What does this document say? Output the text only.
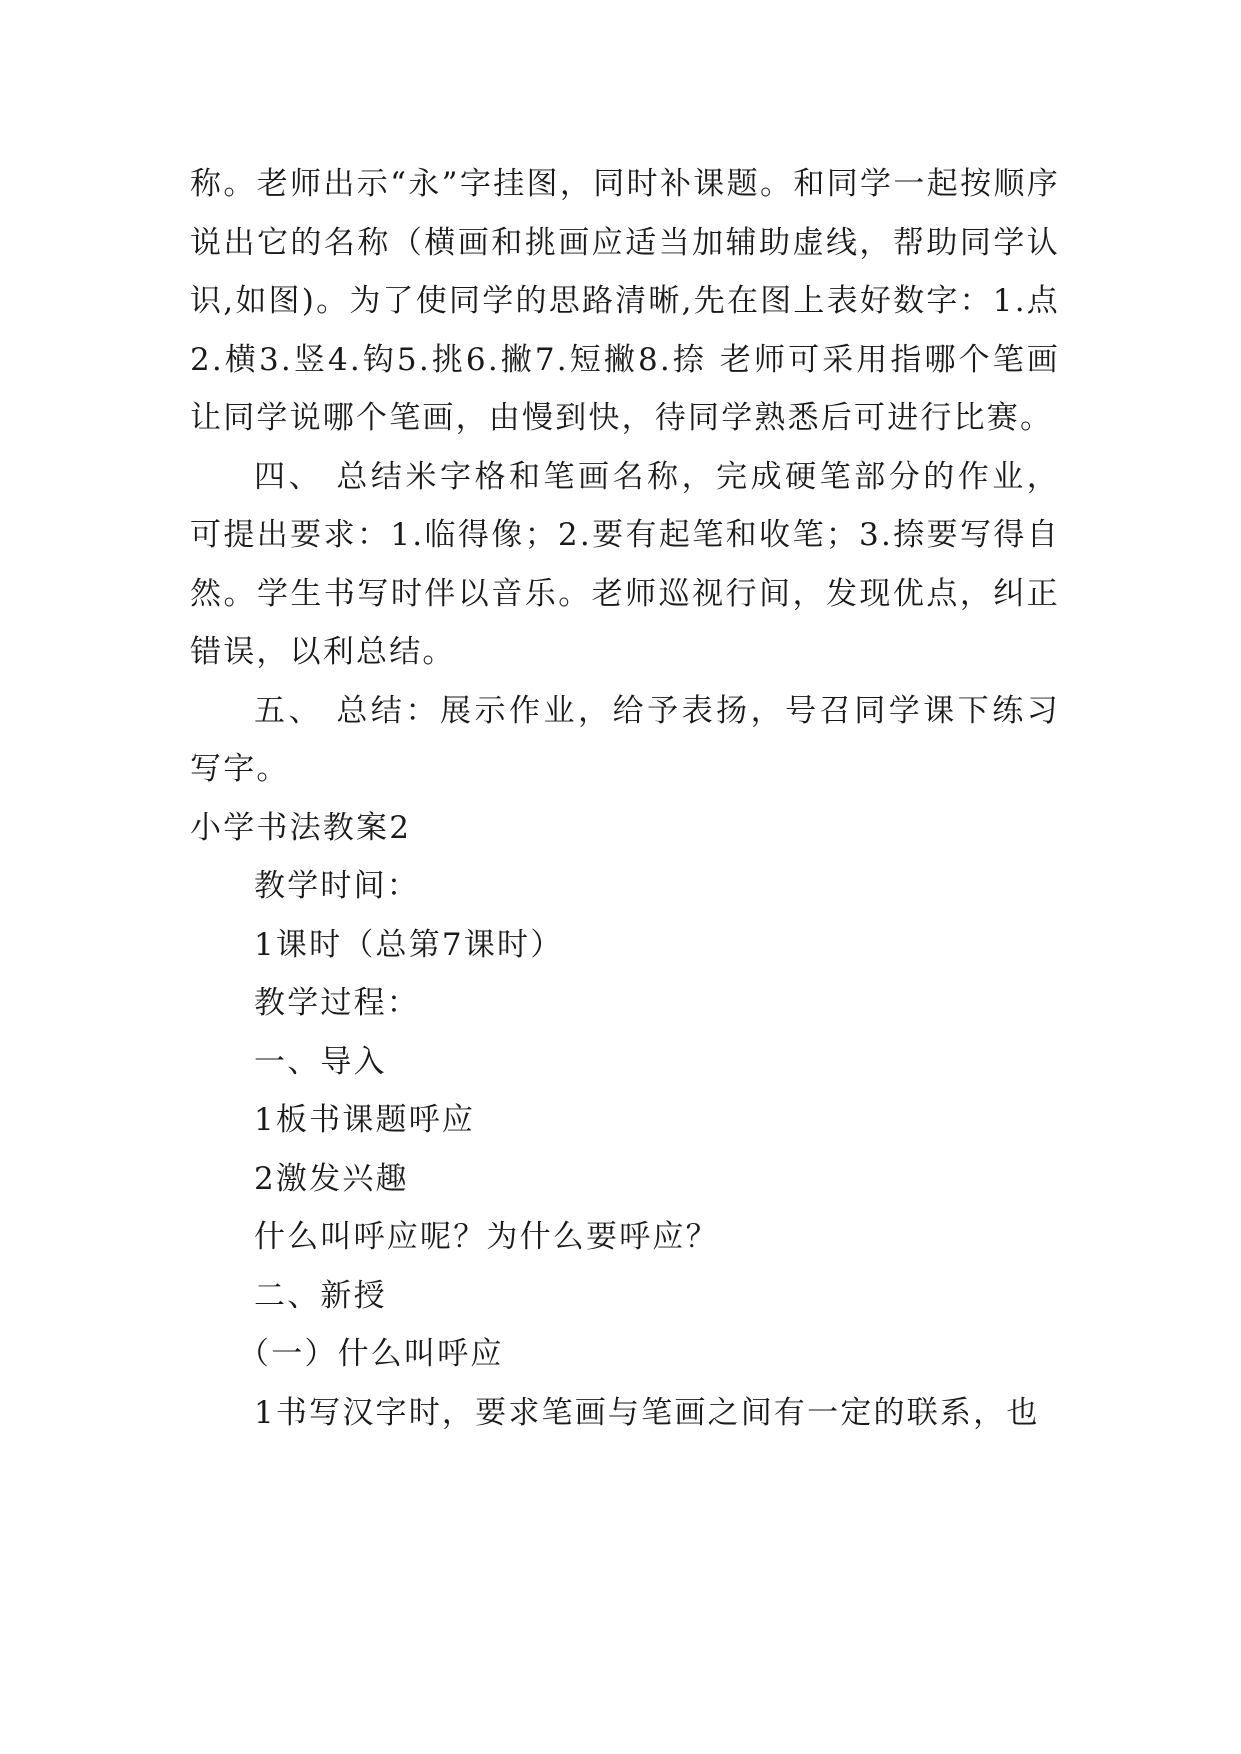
称。老师出示“永”字挂图，同时补课题。和同学一起按顺序说出它的名称（横画和挑画应适当加辅助虚线，帮助同学认识,如图)。为了使同学的思路清晰,先在图上表好数字：1.点2.横3.竖4.钩5.挑6.撇7.短撇8.捺 老师可采用指哪个笔画让同学说哪个笔画，由慢到快，待同学熟悉后可进行比赛。

四、 总结米字格和笔画名称，完成硬笔部分的作业，可提出要求：1.临得像；2.要有起笔和收笔；3.捺要写得自然。学生书写时伴以音乐。老师巡视行间，发现优点，纠正错误，以利总结。

五、 总结：展示作业，给予表扬，号召同学课下练习写字。

小学书法教案2

教学时间：

1课时（总第7课时）

教学过程：

一、导入

1板书课题呼应

2激发兴趣

什么叫呼应呢？为什么要呼应？

二、新授

（一）什么叫呼应

1书写汉字时，要求笔画与笔画之间有一定的联系，也
